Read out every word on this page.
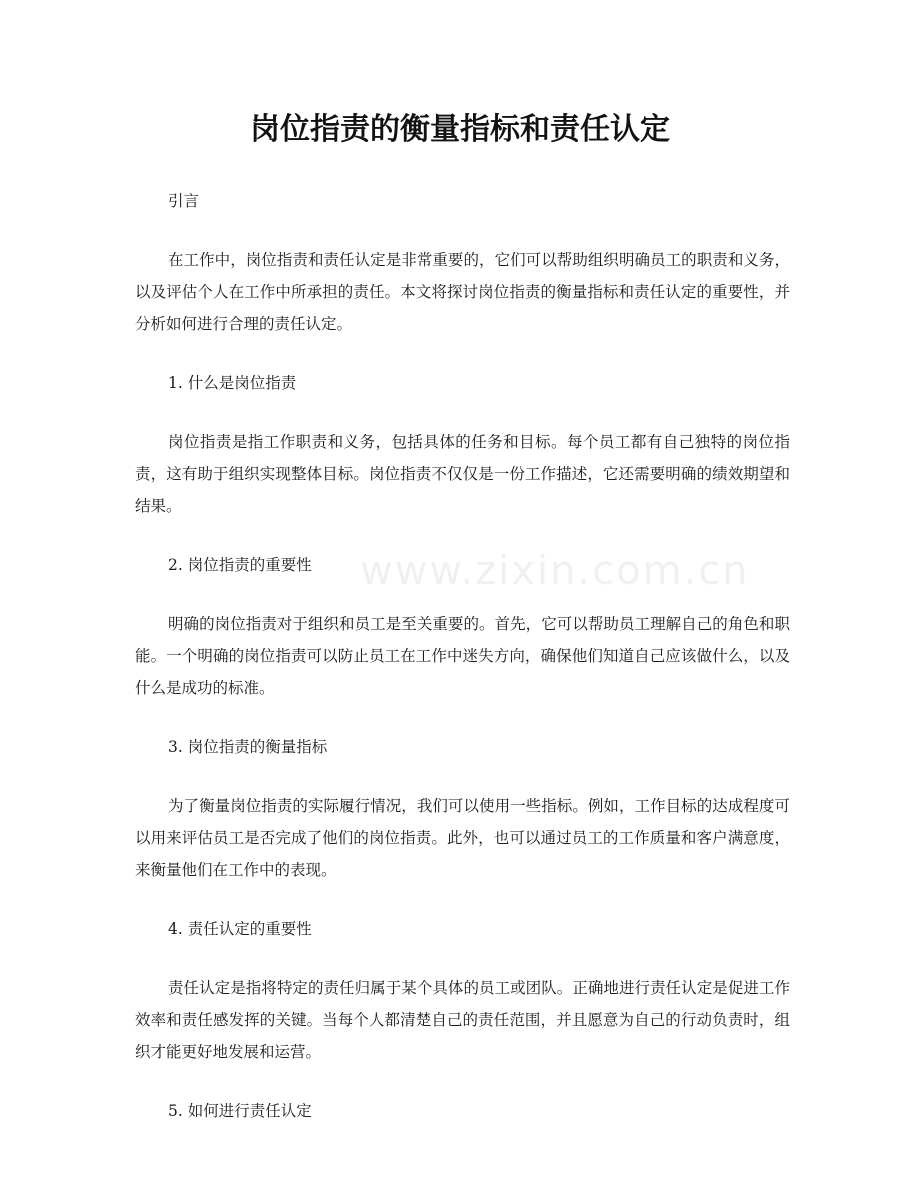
岗位指责的衡量指标和责任认定

引言

在工作中，岗位指责和责任认定是非常重要的，它们可以帮助组织明确员工的职责和义务，以及评估个人在工作中所承担的责任。本文将探讨岗位指责的衡量指标和责任认定的重要性，并分析如何进行合理的责任认定。

1. 什么是岗位指责

岗位指责是指工作职责和义务，包括具体的任务和目标。每个员工都有自己独特的岗位指责，这有助于组织实现整体目标。岗位指责不仅仅是一份工作描述，它还需要明确的绩效期望和结果。

2. 岗位指责的重要性

明确的岗位指责对于组织和员工是至关重要的。首先，它可以帮助员工理解自己的角色和职能。一个明确的岗位指责可以防止员工在工作中迷失方向，确保他们知道自己应该做什么，以及什么是成功的标准。

3. 岗位指责的衡量指标

为了衡量岗位指责的实际履行情况，我们可以使用一些指标。例如，工作目标的达成程度可以用来评估员工是否完成了他们的岗位指责。此外，也可以通过员工的工作质量和客户满意度，来衡量他们在工作中的表现。

4. 责任认定的重要性

责任认定是指将特定的责任归属于某个具体的员工或团队。正确地进行责任认定是促进工作效率和责任感发挥的关键。当每个人都清楚自己的责任范围，并且愿意为自己的行动负责时，组织才能更好地发展和运营。

5. 如何进行责任认定

www.zixin.com.cn
